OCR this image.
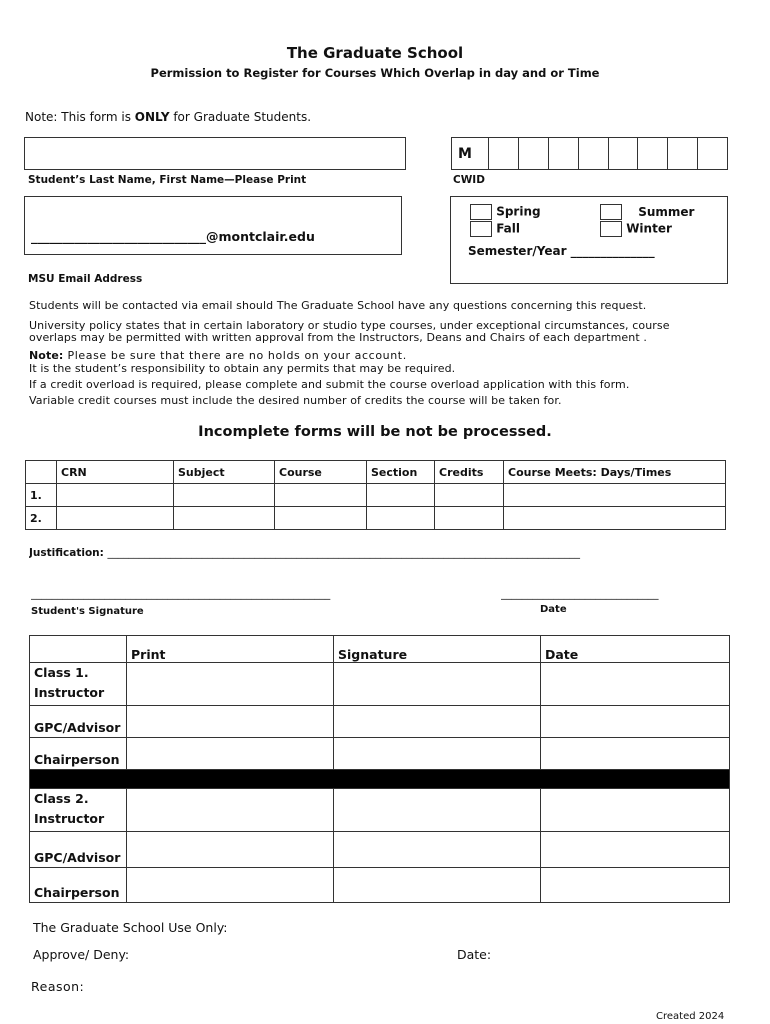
The Graduate School
Permission to Register for Courses Which Overlap in day and or Time
Note: This form is ONLY for Graduate Students.
Student’s Last Name, First Name—Please Print
M
CWID
____________________________@montclair.edu
MSU Email Address
Spring
Fall
Summer
Winter
Semester/Year ______________
Students will be contacted via email should The Graduate School have any questions concerning this request.
University policy states that in certain laboratory or studio type courses, under exceptional circumstances, course
overlaps may be permitted with written approval from the Instructors, Deans and Chairs of each department .
Note: Please be sure that there are no holds on your account.
It is the student’s responsibility to obtain any permits that may be required.
If a credit overload is required, please complete and submit the course overload application with this form.
Variable credit courses must include the desired number of credits the course will be taken for.
Incomplete forms will be not be processed.
	CRN	Subject	Course	Section	Credits	Course Meets: Days/Times
1.						
2.						
Justification: __________________________________________________________________________________________
_________________________________________________________	______________________________
Student's Signature	Date
	Print	Signature	Date

Class 1.
Instructor			

GPC/Advisor			
Chairperson			

Class 2.
Instructor			

GPC/Advisor			
Chairperson			
The Graduate School Use Only:
Approve/ Deny:	Date:
Reason:
Created 2024
